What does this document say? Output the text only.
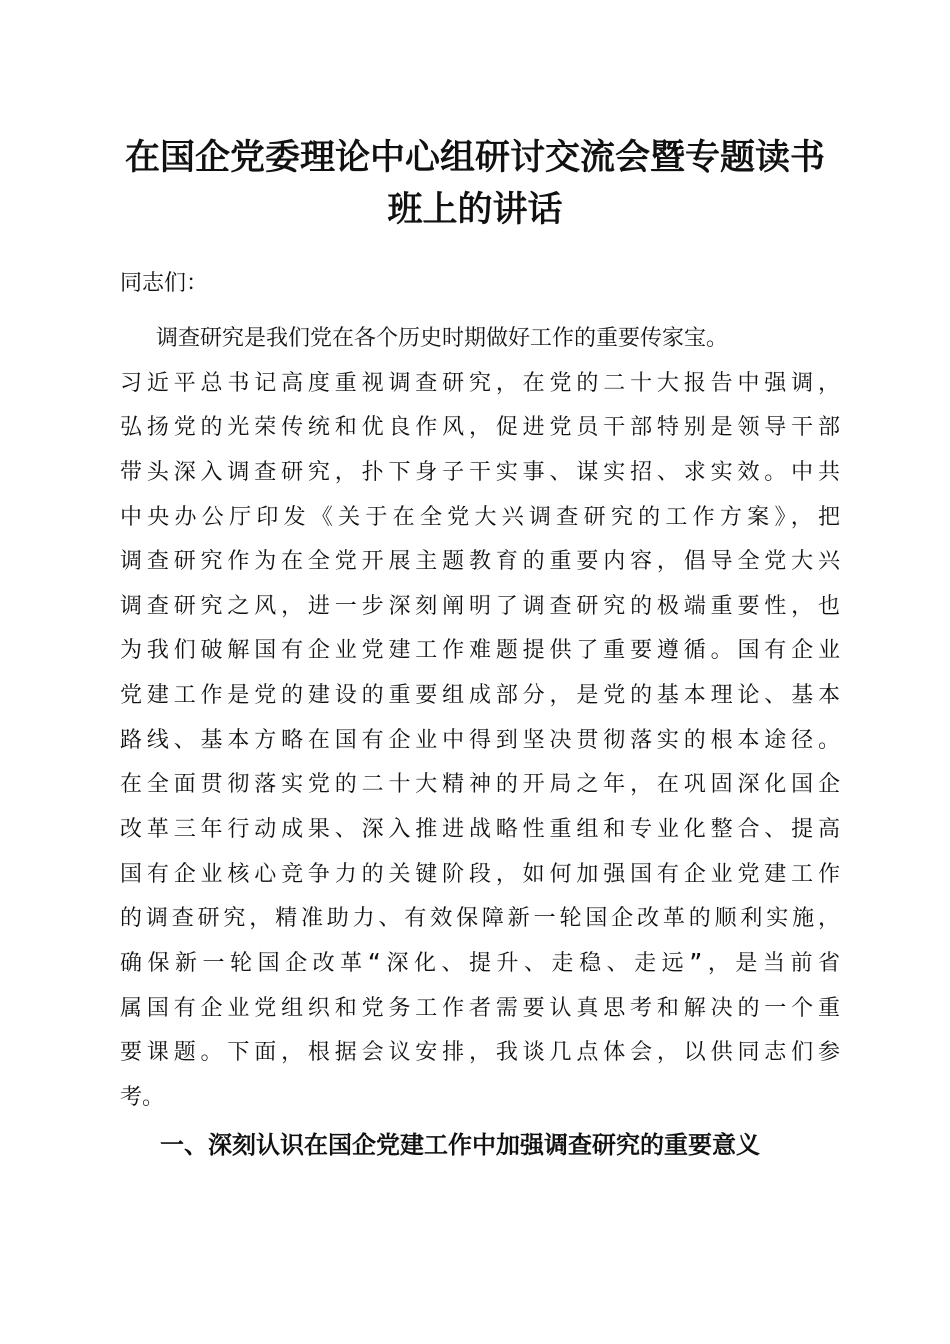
在国企党委理论中心组研讨交流会暨专题读书
班上的讲话

同志们：

调查研究是我们党在各个历史时期做好工作的重要传家宝。
习近平总书记高度重视调查研究，在党的二十大报告中强调，
弘扬党的光荣传统和优良作风，促进党员干部特别是领导干部
带头深入调查研究，扑下身子干实事、谋实招、求实效。中共
中央办公厅印发《关于在全党大兴调查研究的工作方案》，把
调查研究作为在全党开展主题教育的重要内容，倡导全党大兴
调查研究之风，进一步深刻阐明了调查研究的极端重要性，也
为我们破解国有企业党建工作难题提供了重要遵循。国有企业
党建工作是党的建设的重要组成部分，是党的基本理论、基本
路线、基本方略在国有企业中得到坚决贯彻落实的根本途径。
在全面贯彻落实党的二十大精神的开局之年，在巩固深化国企
改革三年行动成果、深入推进战略性重组和专业化整合、提高
国有企业核心竞争力的关键阶段，如何加强国有企业党建工作
的调查研究，精准助力、有效保障新一轮国企改革的顺利实施，
确保新一轮国企改革“深化、提升、走稳、走远”，是当前省
属国有企业党组织和党务工作者需要认真思考和解决的一个重
要课题。下面，根据会议安排，我谈几点体会，以供同志们参
考。
一、深刻认识在国企党建工作中加强调查研究的重要意义
